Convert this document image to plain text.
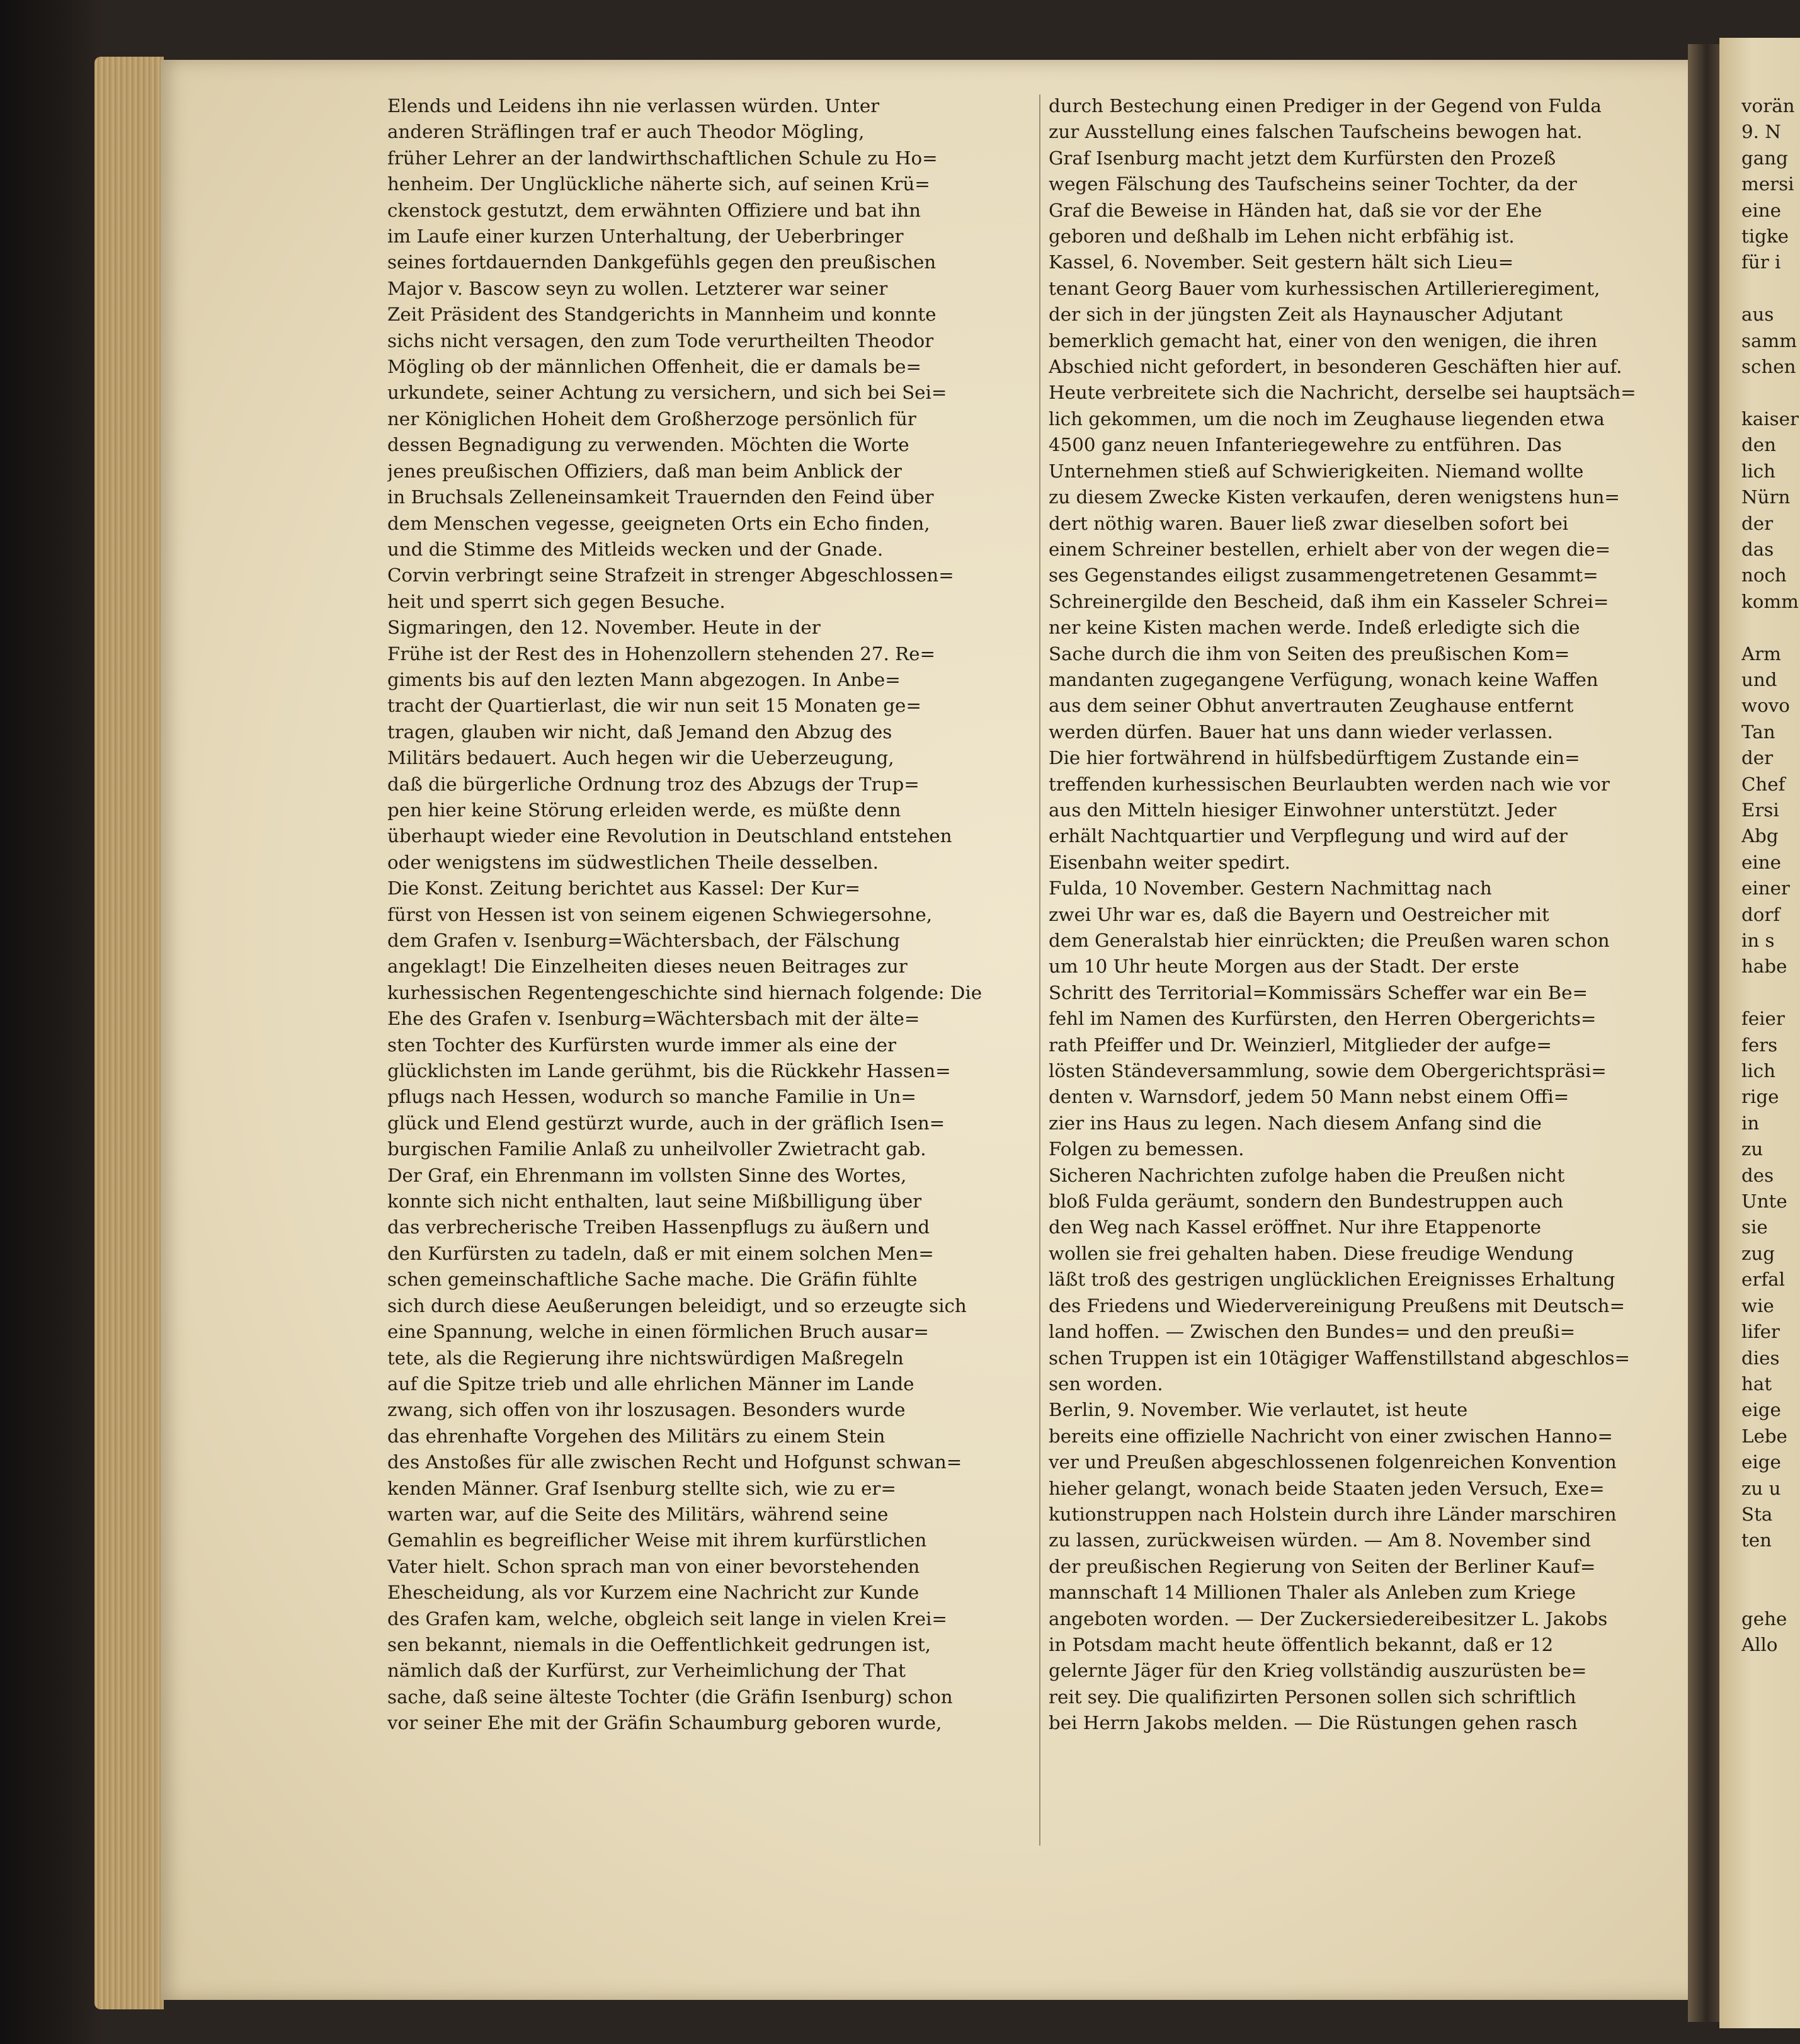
Elends und Leidens ihn nie verlassen würden. Unter
anderen Sträflingen traf er auch Theodor Mögling,
früher Lehrer an der landwirthschaftlichen Schule zu Ho=
henheim. Der Unglückliche näherte sich, auf seinen Krü=
ckenstock gestutzt, dem erwähnten Offiziere und bat ihn
im Laufe einer kurzen Unterhaltung, der Ueberbringer
seines fortdauernden Dankgefühls gegen den preußischen
Major v. Bascow seyn zu wollen. Letzterer war seiner
Zeit Präsident des Standgerichts in Mannheim und konnte
sichs nicht versagen, den zum Tode verurtheilten Theodor
Mögling ob der männlichen Offenheit, die er damals be=
urkundete, seiner Achtung zu versichern, und sich bei Sei=
ner Königlichen Hoheit dem Großherzoge persönlich für
dessen Begnadigung zu verwenden. Möchten die Worte
jenes preußischen Offiziers, daß man beim Anblick der
in Bruchsals Zelleneinsamkeit Trauernden den Feind über
dem Menschen vegesse, geeigneten Orts ein Echo finden,
und die Stimme des Mitleids wecken und der Gnade.
Corvin verbringt seine Strafzeit in strenger Abgeschlossen=
heit und sperrt sich gegen Besuche.
Sigmaringen, den 12. November. Heute in der
Frühe ist der Rest des in Hohenzollern stehenden 27. Re=
giments bis auf den lezten Mann abgezogen. In Anbe=
tracht der Quartierlast, die wir nun seit 15 Monaten ge=
tragen, glauben wir nicht, daß Jemand den Abzug des
Militärs bedauert. Auch hegen wir die Ueberzeugung,
daß die bürgerliche Ordnung troz des Abzugs der Trup=
pen hier keine Störung erleiden werde, es müßte denn
überhaupt wieder eine Revolution in Deutschland entstehen
oder wenigstens im südwestlichen Theile desselben.
Die Konst. Zeitung berichtet aus Kassel: Der Kur=
fürst von Hessen ist von seinem eigenen Schwiegersohne,
dem Grafen v. Isenburg=Wächtersbach, der Fälschung
angeklagt! Die Einzelheiten dieses neuen Beitrages zur
kurhessischen Regentengeschichte sind hiernach folgende: Die
Ehe des Grafen v. Isenburg=Wächtersbach mit der älte=
sten Tochter des Kurfürsten wurde immer als eine der
glücklichsten im Lande gerühmt, bis die Rückkehr Hassen=
pflugs nach Hessen, wodurch so manche Familie in Un=
glück und Elend gestürzt wurde, auch in der gräflich Isen=
burgischen Familie Anlaß zu unheilvoller Zwietracht gab.
Der Graf, ein Ehrenmann im vollsten Sinne des Wortes,
konnte sich nicht enthalten, laut seine Mißbilligung über
das verbrecherische Treiben Hassenpflugs zu äußern und
den Kurfürsten zu tadeln, daß er mit einem solchen Men=
schen gemeinschaftliche Sache mache. Die Gräfin fühlte
sich durch diese Aeußerungen beleidigt, und so erzeugte sich
eine Spannung, welche in einen förmlichen Bruch ausar=
tete, als die Regierung ihre nichtswürdigen Maßregeln
auf die Spitze trieb und alle ehrlichen Männer im Lande
zwang, sich offen von ihr loszusagen. Besonders wurde
das ehrenhafte Vorgehen des Militärs zu einem Stein
des Anstoßes für alle zwischen Recht und Hofgunst schwan=
kenden Männer. Graf Isenburg stellte sich, wie zu er=
warten war, auf die Seite des Militärs, während seine
Gemahlin es begreiflicher Weise mit ihrem kurfürstlichen
Vater hielt. Schon sprach man von einer bevorstehenden
Ehescheidung, als vor Kurzem eine Nachricht zur Kunde
des Grafen kam, welche, obgleich seit lange in vielen Krei=
sen bekannt, niemals in die Oeffentlichkeit gedrungen ist,
nämlich daß der Kurfürst, zur Verheimlichung der That
sache, daß seine älteste Tochter (die Gräfin Isenburg) schon
vor seiner Ehe mit der Gräfin Schaumburg geboren wurde,
durch Bestechung einen Prediger in der Gegend von Fulda
zur Ausstellung eines falschen Taufscheins bewogen hat.
Graf Isenburg macht jetzt dem Kurfürsten den Prozeß
wegen Fälschung des Taufscheins seiner Tochter, da der
Graf die Beweise in Händen hat, daß sie vor der Ehe
geboren und deßhalb im Lehen nicht erbfähig ist.
Kassel, 6. November. Seit gestern hält sich Lieu=
tenant Georg Bauer vom kurhessischen Artillerieregiment,
der sich in der jüngsten Zeit als Haynauscher Adjutant
bemerklich gemacht hat, einer von den wenigen, die ihren
Abschied nicht gefordert, in besonderen Geschäften hier auf.
Heute verbreitete sich die Nachricht, derselbe sei hauptsäch=
lich gekommen, um die noch im Zeughause liegenden etwa
4500 ganz neuen Infanteriegewehre zu entführen. Das
Unternehmen stieß auf Schwierigkeiten. Niemand wollte
zu diesem Zwecke Kisten verkaufen, deren wenigstens hun=
dert nöthig waren. Bauer ließ zwar dieselben sofort bei
einem Schreiner bestellen, erhielt aber von der wegen die=
ses Gegenstandes eiligst zusammengetretenen Gesammt=
Schreinergilde den Bescheid, daß ihm ein Kasseler Schrei=
ner keine Kisten machen werde. Indeß erledigte sich die
Sache durch die ihm von Seiten des preußischen Kom=
mandanten zugegangene Verfügung, wonach keine Waffen
aus dem seiner Obhut anvertrauten Zeughause entfernt
werden dürfen. Bauer hat uns dann wieder verlassen.
Die hier fortwährend in hülfsbedürftigem Zustande ein=
treffenden kurhessischen Beurlaubten werden nach wie vor
aus den Mitteln hiesiger Einwohner unterstützt. Jeder
erhält Nachtquartier und Verpflegung und wird auf der
Eisenbahn weiter spedirt.
Fulda, 10 November. Gestern Nachmittag nach
zwei Uhr war es, daß die Bayern und Oestreicher mit
dem Generalstab hier einrückten; die Preußen waren schon
um 10 Uhr heute Morgen aus der Stadt. Der erste
Schritt des Territorial=Kommissärs Scheffer war ein Be=
fehl im Namen des Kurfürsten, den Herren Obergerichts=
rath Pfeiffer und Dr. Weinzierl, Mitglieder der aufge=
lösten Ständeversammlung, sowie dem Obergerichtspräsi=
denten v. Warnsdorf, jedem 50 Mann nebst einem Offi=
zier ins Haus zu legen. Nach diesem Anfang sind die
Folgen zu bemessen.
Sicheren Nachrichten zufolge haben die Preußen nicht
bloß Fulda geräumt, sondern den Bundestruppen auch
den Weg nach Kassel eröffnet. Nur ihre Etappenorte
wollen sie frei gehalten haben. Diese freudige Wendung
läßt troß des gestrigen unglücklichen Ereignisses Erhaltung
des Friedens und Wiedervereinigung Preußens mit Deutsch=
land hoffen. — Zwischen den Bundes= und den preußi=
schen Truppen ist ein 10tägiger Waffenstillstand abgeschlos=
sen worden.
Berlin, 9. November. Wie verlautet, ist heute
bereits eine offizielle Nachricht von einer zwischen Hanno=
ver und Preußen abgeschlossenen folgenreichen Konvention
hieher gelangt, wonach beide Staaten jeden Versuch, Exe=
kutionstruppen nach Holstein durch ihre Länder marschiren
zu lassen, zurückweisen würden. — Am 8. November sind
der preußischen Regierung von Seiten der Berliner Kauf=
mannschaft 14 Millionen Thaler als Anleben zum Kriege
angeboten worden. — Der Zuckersiedereibesitzer L. Jakobs
in Potsdam macht heute öffentlich bekannt, daß er 12
gelernte Jäger für den Krieg vollständig auszurüsten be=
reit sey. Die qualifizirten Personen sollen sich schriftlich
bei Herrn Jakobs melden. — Die Rüstungen gehen rasch
vorän
9. N
gang
mersi
eine
tigke
für i

aus
samm
schen

kaiser
den
lich
Nürn
der
das
noch
komm

Arm
und
wovo
Tan
der
Chef
Ersi
Abg
eine
einer
dorf
in s
habe

feier
fers
lich
rige
in
zu
des
Unte
sie
zug
erfal
wie
lifer
dies
hat
eige
Lebe
eige
zu u
Sta
ten

gehe
Allo
